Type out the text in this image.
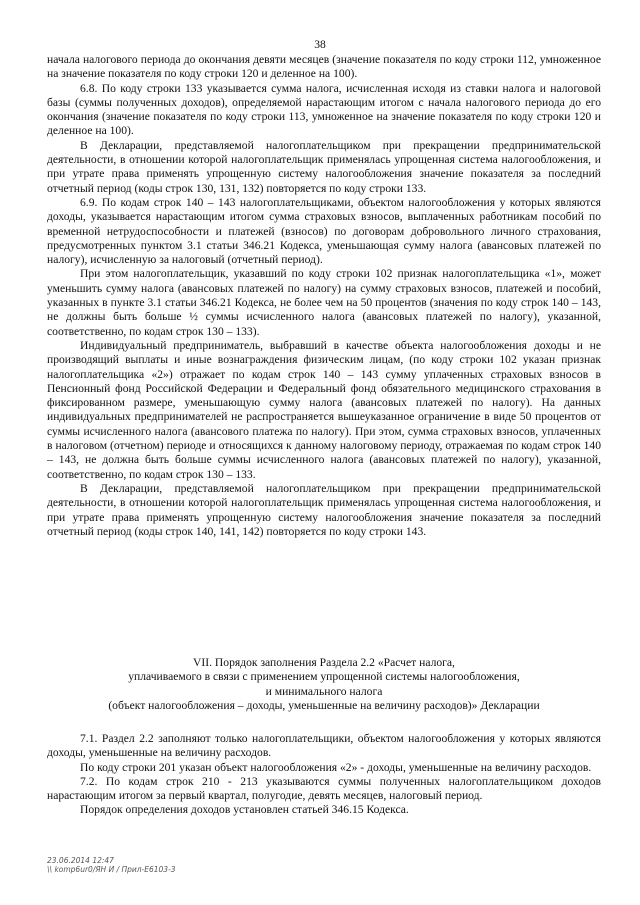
38

начала налогового периода до окончания девяти месяцев (значение показателя по коду строки 112, умноженное на значение показателя по коду строки 120 и деленное на 100).

6.8. По коду строки 133 указывается сумма налога, исчисленная исходя из ставки налога и налоговой базы (суммы полученных доходов), определяемой нарастающим итогом с начала налогового периода до его окончания (значение показателя по коду строки 113, умноженное на значение показателя по коду строки 120 и деленное на 100).

В Декларации, представляемой налогоплательщиком при прекращении предпринимательской деятельности, в отношении которой налогоплательщик применялась упрощенная система налогообложения, и при утрате права применять упрощенную систему налогообложения значение показателя за последний отчетный период (коды строк 130, 131, 132) повторяется по коду строки 133.

6.9. По кодам строк 140 – 143 налогоплательщиками, объектом налогообложения у которых являются доходы, указывается нарастающим итогом сумма страховых взносов, выплаченных работникам пособий по временной нетрудоспособности и платежей (взносов) по договорам добровольного личного страхования, предусмотренных пунктом 3.1 статьи 346.21 Кодекса, уменьшающая сумму налога (авансовых платежей по налогу), исчисленную за налоговый (отчетный период).

При этом налогоплательщик, указавший по коду строки 102 признак налогоплательщика «1», может уменьшить сумму налога (авансовых платежей по налогу) на сумму страховых взносов, платежей и пособий, указанных в пункте 3.1 статьи 346.21 Кодекса, не более чем на 50 процентов (значения по коду строк 140 – 143, не должны быть больше ½ суммы исчисленного налога (авансовых платежей по налогу), указанной, соответственно, по кодам строк 130 – 133).

Индивидуальный предприниматель, выбравший в качестве объекта налогообложения доходы и не производящий выплаты и иные вознаграждения физическим лицам, (по коду строки 102 указан признак налогоплательщика «2») отражает по кодам строк 140 – 143 сумму уплаченных страховых взносов в Пенсионный фонд Российской Федерации и Федеральный фонд обязательного медицинского страхования в фиксированном размере, уменьшающую сумму налога (авансовых платежей по налогу). На данных индивидуальных предпринимателей не распространяется вышеуказанное ограничение в виде 50 процентов от суммы исчисленного налога (авансового платежа по налогу). При этом, сумма страховых взносов, уплаченных в налоговом (отчетном) периоде и относящихся к данному налоговому периоду, отражаемая по кодам строк 140 – 143, не должна быть больше суммы исчисленного налога (авансовых платежей по налогу), указанной, соответственно, по кодам строк 130 – 133.

В Декларации, представляемой налогоплательщиком при прекращении предпринимательской деятельности, в отношении которой налогоплательщик применялась упрощенная система налогообложения, и при утрате права применять упрощенную систему налогообложения значение показателя за последний отчетный период (коды строк 140, 141, 142) повторяется по коду строки 143.

VII. Порядок заполнения Раздела 2.2 «Расчет налога,
уплачиваемого в связи с применением упрощенной системы налогообложения,
и минимального налога
(объект налогообложения – доходы, уменьшенные на величину расходов)» Декларации

7.1. Раздел 2.2 заполняют только налогоплательщики, объектом налогообложения у которых являются доходы, уменьшенные на величину расходов.

По коду строки 201 указан объект налогообложения «2» - доходы, уменьшенные на величину расходов.

7.2. По кодам строк 210 - 213 указываются суммы полученных налогоплательщиком доходов нарастающим итогом за первый квартал, полугодие, девять месяцев, налоговый период.

Порядок определения доходов установлен статьей 346.15 Кодекса.

23.06.2014 12:47
\\ komp6ur0/ЯН И / Прил-Е6103-3
